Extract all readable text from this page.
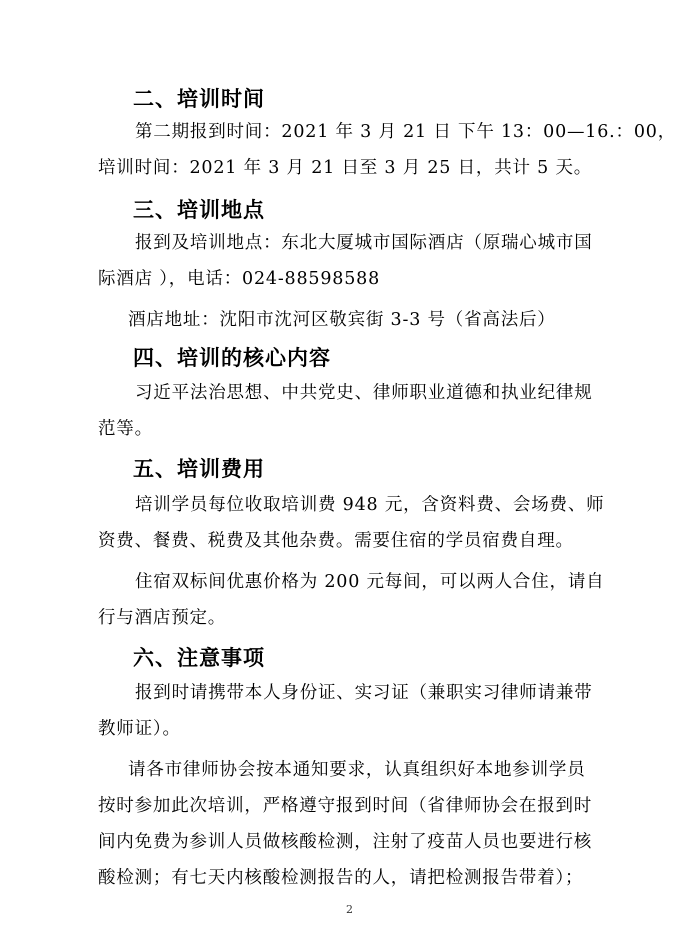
二、培训时间
第二期报到时间：2021 年 3 月 21 日 下午 13：00—16.：00，
培训时间：2021 年 3 月 21 日至 3 月 25 日，共计 5 天。
三、培训地点
报到及培训地点：东北大厦城市国际酒店（原瑞心城市国
际酒店 ），电话：024-88598588
酒店地址：沈阳市沈河区敬宾街 3-3 号（省高法后）
四、培训的核心内容
习近平法治思想、中共党史、律师职业道德和执业纪律规
范等。
五、培训费用
培训学员每位收取培训费 948 元，含资料费、会场费、师
资费、餐费、税费及其他杂费。需要住宿的学员宿费自理。
住宿双标间优惠价格为 200 元每间，可以两人合住，请自
行与酒店预定。
六、注意事项
报到时请携带本人身份证、实习证（兼职实习律师请兼带
教师证）。
请各市律师协会按本通知要求，认真组织好本地参训学员
按时参加此次培训，严格遵守报到时间（省律师协会在报到时
间内免费为参训人员做核酸检测，注射了疫苗人员也要进行核
酸检测；有七天内核酸检测报告的人，请把检测报告带着）；
2
